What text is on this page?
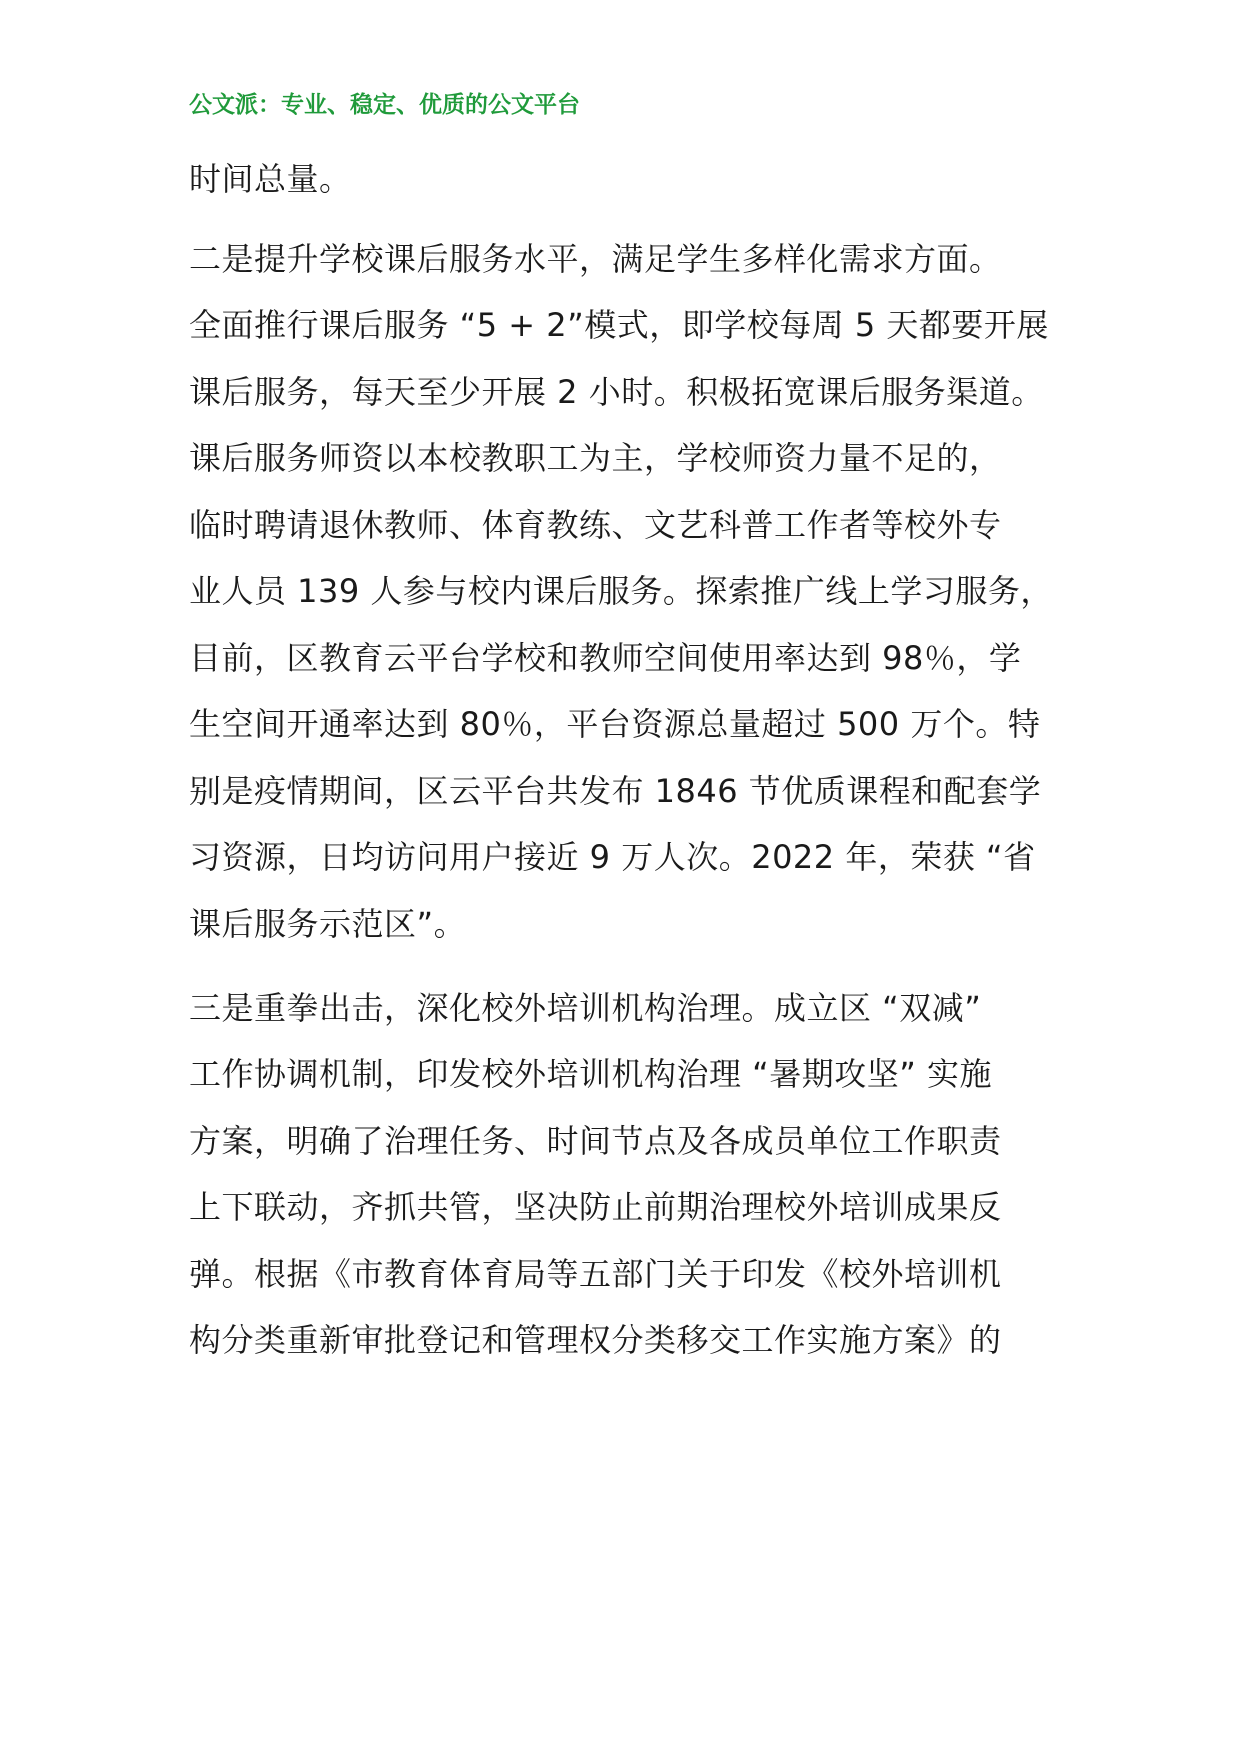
公文派：专业、稳定、优质的公文平台
时间总量。
二是提升学校课后服务水平，满足学生多样化需求方面。
全面推行课后服务 “5 + 2”模式，即学校每周 5 天都要开展
课后服务，每天至少开展 2 小时。积极拓宽课后服务渠道。
课后服务师资以本校教职工为主，学校师资力量不足的，
临时聘请退休教师、体育教练、文艺科普工作者等校外专
业人员 139 人参与校内课后服务。探索推广线上学习服务，
目前，区教育云平台学校和教师空间使用率达到 98％，学
生空间开通率达到 80％，平台资源总量超过 500 万个。特
别是疫情期间，区云平台共发布 1846 节优质课程和配套学
习资源，日均访问用户接近 9 万人次。2022 年，荣获 “省
课后服务示范区”。
三是重拳出击，深化校外培训机构治理。成立区 “双减”
工作协调机制，印发校外培训机构治理 “暑期攻坚” 实施
方案，明确了治理任务、时间节点及各成员单位工作职责
上下联动，齐抓共管，坚决防止前期治理校外培训成果反
弹。根据《市教育体育局等五部门关于印发《校外培训机
构分类重新审批登记和管理权分类移交工作实施方案》的
